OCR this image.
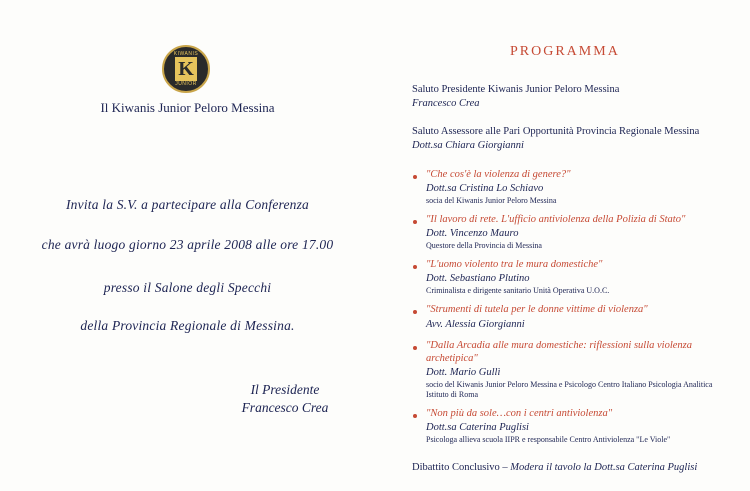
KIWANIS
K
JUNIOR
Il Kiwanis Junior Peloro Messina
Invita la S.V. a partecipare alla Conferenza
che avrà luogo giorno 23 aprile 2008 alle ore 17.00
presso il Salone degli Specchi
della Provincia Regionale di Messina.
Il Presidente
Francesco Crea
PROGRAMMA
Saluto Presidente Kiwanis Junior Peloro Messina
Francesco Crea
Saluto Assessore alle Pari Opportunità Provincia Regionale Messina
Dott.sa Chiara Giorgianni
"Che cos'è la violenza di genere?"
Dott.sa Cristina Lo Schiavo
socia del Kiwanis Junior Peloro Messina
"Il lavoro di rete. L'ufficio antiviolenza della Polizia di Stato"
Dott. Vincenzo Mauro
Questore della Provincia di Messina
"L'uomo violento tra le mura domestiche"
Dott. Sebastiano Plutino
Criminalista e dirigente sanitario Unità Operativa U.O.C.
"Strumenti di tutela per le donne vittime di violenza"
Avv. Alessia Giorgianni
"Dalla Arcadia alle mura domestiche: riflessioni sulla violenza
archetipica"
Dott. Mario Gullì
socio del Kiwanis Junior Peloro Messina e Psicologo Centro Italiano Psicologia Analitica
Istituto di Roma
"Non più da sole…con i centri antiviolenza"
Dott.sa Caterina Puglisi
Psicologa allieva scuola IIPR e responsabile Centro Antiviolenza "Le Viole"
Dibattito Conclusivo – Modera il tavolo la Dott.sa Caterina Puglisi
